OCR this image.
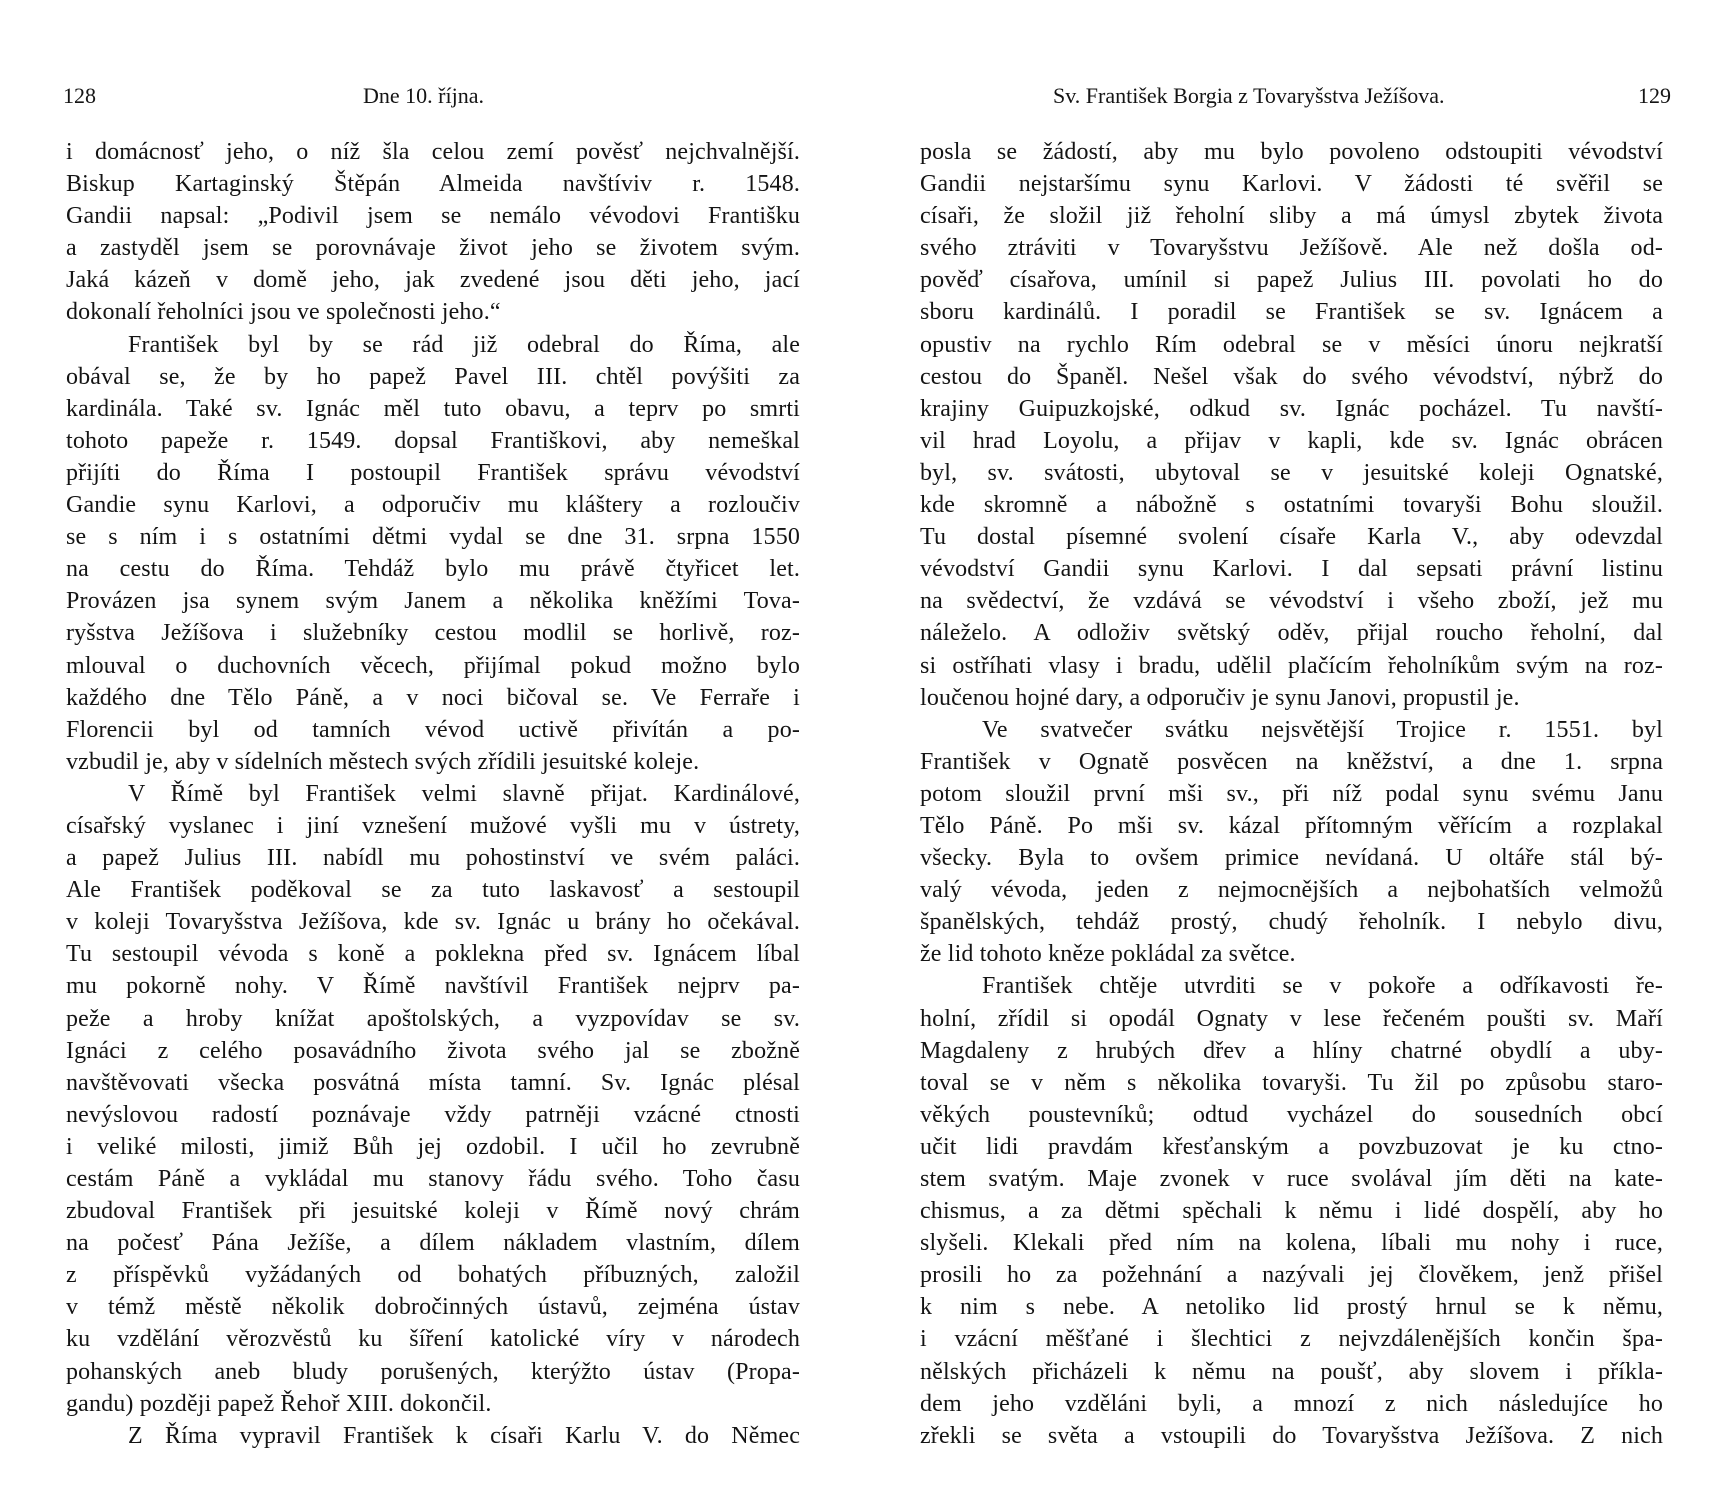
128	Dne 10. října.	Sv. František Borgia z Tovaryšstva Ježíšova.	129
i domácnosť jeho, o níž šla celou zemí pověsť nejchvalnější.
Biskup Kartaginský Štěpán Almeida navštíviv r. 1548.
Gandii napsal: „Podivil jsem se nemálo vévodovi Františku
a zastyděl jsem se porovnávaje život jeho se životem svým.
Jaká kázeň v domě jeho, jak zvedené jsou děti jeho, jací
dokonalí řeholníci jsou ve společnosti jeho.“
František byl by se rád již odebral do Říma, ale
obával se, že by ho papež Pavel III. chtěl povýšiti za
kardinála. Také sv. Ignác měl tuto obavu, a teprv po smrti
tohoto papeže r. 1549. dopsal Františkovi, aby nemeškal
přijíti do Říma I postoupil František správu vévodství
Gandie synu Karlovi, a odporučiv mu kláštery a rozloučiv
se s ním i s ostatními dětmi vydal se dne 31. srpna 1550
na cestu do Říma. Tehdáž bylo mu právě čtyřicet let.
Provázen jsa synem svým Janem a několika kněžími Tova-
ryšstva Ježíšova i služebníky cestou modlil se horlivě, roz-
mlouval o duchovních věcech, přijímal pokud možno bylo
každého dne Tělo Páně, a v noci bičoval se. Ve Ferraře i
Florencii byl od tamních vévod uctivě přivítán a po-
vzbudil je, aby v sídelních městech svých zřídili jesuitské koleje.
V Římě byl František velmi slavně přijat. Kardinálové,
císařský vyslanec i jiní vznešení mužové vyšli mu v ústrety,
a papež Julius III. nabídl mu pohostinství ve svém paláci.
Ale František poděkoval se za tuto laskavosť a sestoupil
v koleji Tovaryšstva Ježíšova, kde sv. Ignác u brány ho očekával.
Tu sestoupil vévoda s koně a poklekna před sv. Ignácem líbal
mu pokorně nohy. V Římě navštívil František nejprv pa-
peže a hroby knížat apoštolských, a vyzpovídav se sv.
Ignáci z celého posavádního života svého jal se zbožně
navštěvovati všecka posvátná místa tamní. Sv. Ignác plésal
nevýslovou radostí poznávaje vždy patrněji vzácné ctnosti
i veliké milosti, jimiž Bůh jej ozdobil. I učil ho zevrubně
cestám Páně a vykládal mu stanovy řádu svého. Toho času
zbudoval František při jesuitské koleji v Římě nový chrám
na počesť Pána Ježíše, a dílem nákladem vlastním, dílem
z příspěvků vyžádaných od bohatých příbuzných, založil
v témž městě několik dobročinných ústavů, zejména ústav
ku vzdělání věrozvěstů ku šíření katolické víry v národech
pohanských aneb bludy porušených, kterýžto ústav (Propa-
gandu) později papež Řehoř XIII. dokončil.
Z Říma vypravil František k císaři Karlu V. do Němec
posla se žádostí, aby mu bylo povoleno odstoupiti vévodství
Gandii nejstaršímu synu Karlovi. V žádosti té svěřil se
císaři, že složil již řeholní sliby a má úmysl zbytek života
svého ztráviti v Tovaryšstvu Ježíšově. Ale než došla od-
pověď císařova, umínil si papež Julius III. povolati ho do
sboru kardinálů. I poradil se František se sv. Ignácem a
opustiv na rychlo Rím odebral se v měsíci únoru nejkratší
cestou do Španěl. Nešel však do svého vévodství, nýbrž do
krajiny Guipuzkojské, odkud sv. Ignác pocházel. Tu navští-
vil hrad Loyolu, a přijav v kapli, kde sv. Ignác obrácen
byl, sv. svátosti, ubytoval se v jesuitské koleji Ognatské,
kde skromně a nábožně s ostatními tovaryši Bohu sloužil.
Tu dostal písemné svolení císaře Karla V., aby odevzdal
vévodství Gandii synu Karlovi. I dal sepsati právní listinu
na svědectví, že vzdává se vévodství i všeho zboží, jež mu
náleželo. A odloživ světský oděv, přijal roucho řeholní, dal
si ostříhati vlasy i bradu, udělil plačícím řeholníkům svým na roz-
loučenou hojné dary, a odporučiv je synu Janovi, propustil je.
Ve svatvečer svátku nejsvětější Trojice r. 1551. byl
František v Ognatě posvěcen na kněžství, a dne 1. srpna
potom sloužil první mši sv., při níž podal synu svému Janu
Tělo Páně. Po mši sv. kázal přítomným věřícím a rozplakal
všecky. Byla to ovšem primice nevídaná. U oltáře stál bý-
valý vévoda, jeden z nejmocnějších a nejbohatších velmožů
španělských, tehdáž prostý, chudý řeholník. I nebylo divu,
že lid tohoto kněze pokládal za světce.
František chtěje utvrditi se v pokoře a odříkavosti ře-
holní, zřídil si opodál Ognaty v lese řečeném poušti sv. Maří
Magdaleny z hrubých dřev a hlíny chatrné obydlí a uby-
toval se v něm s několika tovaryši. Tu žil po způsobu staro-
věkých poustevníků; odtud vycházel do sousedních obcí
učit lidi pravdám křesťanským a povzbuzovat je ku ctno-
stem svatým. Maje zvonek v ruce svolával jím děti na kate-
chismus, a za dětmi spěchali k němu i lidé dospělí, aby ho
slyšeli. Klekali před ním na kolena, líbali mu nohy i ruce,
prosili ho za požehnání a nazývali jej člověkem, jenž přišel
k nim s nebe. A netoliko lid prostý hrnul se k němu,
i vzácní měšťané i šlechtici z nejvzdálenějších končin špa-
nělských přicházeli k němu na poušť, aby slovem i příkla-
dem jeho vzděláni byli, a mnozí z nich následujíce ho
zřekli se světa a vstoupili do Tovaryšstva Ježíšova. Z nich
